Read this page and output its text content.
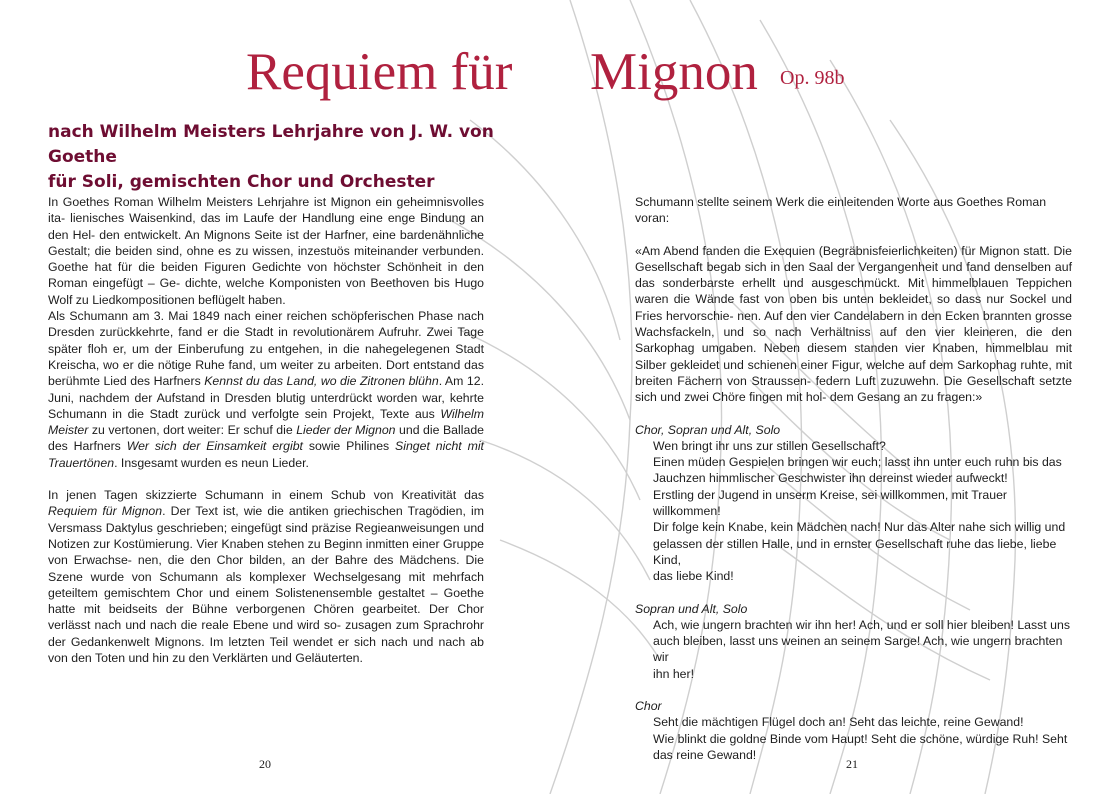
Requiem für Mignon Op. 98b
nach Wilhelm Meisters Lehrjahre von J. W. von Goethe
für Soli, gemischten Chor und Orchester

In Goethes Roman Wilhelm Meisters Lehrjahre ist Mignon ein geheimnisvolles ita- lienisches Waisenkind, das im Laufe der Handlung eine enge Bindung an den Hel- den entwickelt. An Mignons Seite ist der Harfner, eine bardenähnliche Gestalt; die beiden sind, ohne es zu wissen, inzestuös miteinander verbunden. Goethe hat für die beiden Figuren Gedichte von höchster Schönheit in den Roman eingefügt – Ge- dichte, welche Komponisten von Beethoven bis Hugo Wolf zu Liedkompositionen beflügelt haben.

Als Schumann am 3. Mai 1849 nach einer reichen schöpferischen Phase nach Dresden zurückkehrte, fand er die Stadt in revolutionärem Aufruhr. Zwei Tage später floh er, um der Einberufung zu entgehen, in die nahegelegenen Stadt Kreischa, wo er die nötige Ruhe fand, um weiter zu arbeiten. Dort entstand das berühmte Lied des Harfners Kennst du das Land, wo die Zitronen blühn. Am 12. Juni, nachdem der Aufstand in Dresden blutig unterdrückt worden war, kehrte Schumann in die Stadt zurück und verfolgte sein Projekt, Texte aus Wilhelm Meister zu vertonen, dort weiter: Er schuf die Lieder der Mignon und die Ballade des Harfners Wer sich der Einsamkeit ergibt sowie Philines Singet nicht mit Trauertönen. Insgesamt wurden es neun Lieder.

In jenen Tagen skizzierte Schumann in einem Schub von Kreativität das Requiem für Mignon. Der Text ist, wie die antiken griechischen Tragödien, im Versmass Daktylus geschrieben; eingefügt sind präzise Regieanweisungen und Notizen zur Kostümierung. Vier Knaben stehen zu Beginn inmitten einer Gruppe von Erwachse- nen, die den Chor bilden, an der Bahre des Mädchens. Die Szene wurde von Schumann als komplexer Wechselgesang mit mehrfach geteiltem gemischtem Chor und einem Solistenensemble gestaltet – Goethe hatte mit beidseits der Bühne verborgenen Chören gearbeitet. Der Chor verlässt nach und nach die reale Ebene und wird so- zusagen zum Sprachrohr der Gedankenwelt Mignons. Im letzten Teil wendet er sich nach und nach ab von den Toten und hin zu den Verklärten und Geläuterten.

Schumann stellte seinem Werk die einleitenden Worte aus Goethes Roman voran:

«Am Abend fanden die Exequien (Begräbnisfeierlichkeiten) für Mignon statt. Die Gesellschaft begab sich in den Saal der Vergangenheit und fand denselben auf das sonderbarste erhellt und ausgeschmückt. Mit himmelblauen Teppichen waren die Wände fast von oben bis unten bekleidet, so dass nur Sockel und Fries hervorschie- nen. Auf den vier Candelabern in den Ecken brannten grosse Wachsfackeln, und so nach Verhältniss auf den vier kleineren, die den Sarkophag umgaben. Neben diesem standen vier Knaben, himmelblau mit Silber gekleidet und schienen einer Figur, welche auf dem Sarkophag ruhte, mit breiten Fächern von Straussen- federn Luft zuzuwehn. Die Gesellschaft setzte sich und zwei Chöre fingen mit hol- dem Gesang an zu fragen:»

Chor, Sopran und Alt, Solo

Wen bringt ihr uns zur stillen Gesellschaft?
Einen müden Gespielen bringen wir euch; lasst ihn unter euch ruhn bis das
Jauchzen himmlischer Geschwister ihn dereinst wieder aufweckt!
Erstling der Jugend in unserm Kreise, sei willkommen, mit Trauer willkommen!
Dir folge kein Knabe, kein Mädchen nach! Nur das Alter nahe sich willig und
gelassen der stillen Halle, und in ernster Gesellschaft ruhe das liebe, liebe Kind,
das liebe Kind!

Sopran und Alt, Solo

Ach, wie ungern brachten wir ihn her! Ach, und er soll hier bleiben! Lasst uns
auch bleiben, lasst uns weinen an seinem Sarge! Ach, wie ungern brachten wir
ihn her!

Chor

Seht die mächtigen Flügel doch an! Seht das leichte, reine Gewand!
Wie blinkt die goldne Binde vom Haupt! Seht die schöne, würdige Ruh! Seht
das reine Gewand!
20	21
